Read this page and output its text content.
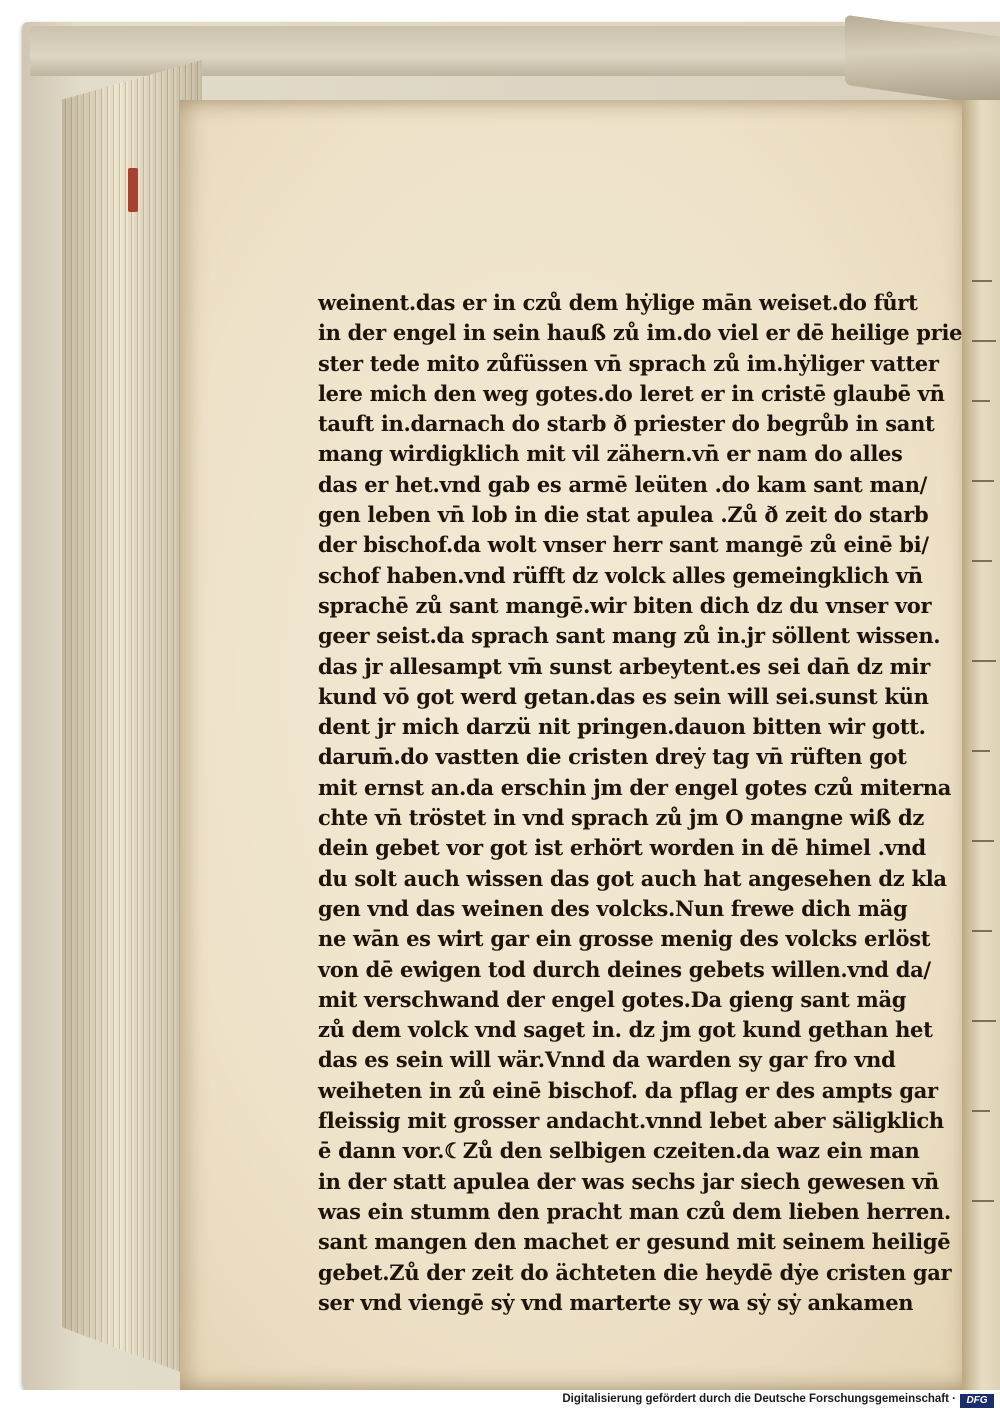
weinent.das er in czů dem hẏlige mān weiset.do fůrt
in der engel in sein hauß zů im.do viel er dē heilige prie
ster tede mito zůfüssen vn̄ sprach zů im.hẏliger vatter
lere mich den weg gotes.do leret er in cristē glaubē vn̄
tauft in.darnach do starb ð priester do begrůb in sant
mang wirdigklich mit vil zähern.vn̄ er nam do alles
das er het.vnd gab es armē leüten .do kam sant man/
gen leben vn̄ lob in die stat apulea .Zů ð zeit do starb
der bischof.da wolt vnser herr sant mangē zů einē bi/
schof haben.vnd rüfft dz volck alles gemeingklich vn̄
sprachē zů sant mangē.wir biten dich dz du vnser vor
geer seist.da sprach sant mang zů in.jr söllent wissen.
das jr allesampt vm̄ sunst arbeytent.es sei dan̄ dz mir
kund vō got werd getan.das es sein will sei.sunst kün
dent jr mich darzü nit pringen.dauon bitten wir gott.
darum̄.do vastten die cristen dreẏ tag vn̄ rüften got
mit ernst an.da erschin jm der engel gotes czů miterna
chte vn̄ tröstet in vnd sprach zů jm O mangne wiß dz
dein gebet vor got ist erhört worden in dē himel .vnd
du solt auch wissen das got auch hat angesehen dz kla
gen vnd das weinen des volcks.Nun frewe dich mäg
ne wān es wirt gar ein grosse menig des volcks erlöst
von dē ewigen tod durch deines gebets willen.vnd da/
mit verschwand der engel gotes.Da gieng sant mäg
zů dem volck vnd saget in. dz jm got kund gethan het
das es sein will wär.Vnnd da warden sy gar fro vnd
weiheten in zů einē bischof. da pflag er des ampts gar
fleissig mit grosser andacht.vnnd lebet aber säligklich
ē dann vor.☾Zů den selbigen czeiten.da waz ein man
in der statt apulea der was sechs jar siech gewesen vn̄
was ein stumm den pracht man czů dem lieben herren.
sant mangen den machet er gesund mit seinem heiligē
gebet.Zů der zeit do ächteten die heydē dẏe cristen gar
ser vnd viengē sẏ vnd marterte sy wa sẏ sẏ ankamen
Digitalisierung gefördert durch die Deutsche Forschungsgemeinschaft ·	DFG
